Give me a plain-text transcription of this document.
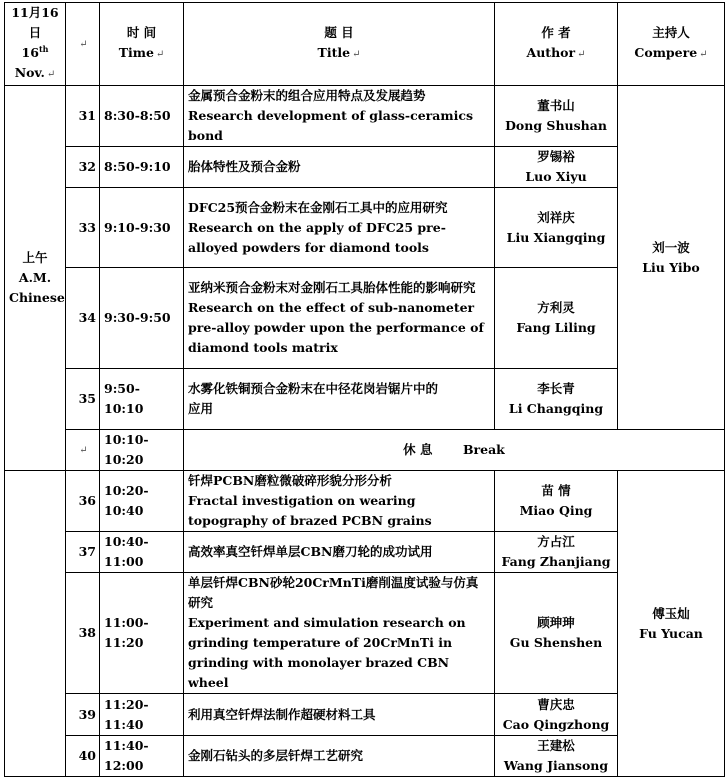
11月16日
16th
Nov. ↵	↵	时 间
Time ↵	题 目
Title ↵	作 者
Author ↵	主持人
Compere ↵

上午
A.M.
Chinese	31	8:30-8:50	金属预合金粉末的组合应用特点及发展趋势
Research development of glass-ceramics bond	董书山
Dong Shushan	刘一波
Liu Yibo

	32	8:50-9:10	胎体特性及预合金粉	罗锡裕
Luo Xiyu	

	33	9:10-9:30	DFC25预合金粉末在金刚石工具中的应用研究
Research on the apply of DFC25 pre-alloyed powders for diamond tools	刘祥庆
Liu Xiangqing	

	34	9:30-9:50	亚纳米预合金粉末对金刚石工具胎体性能的影响研究
Research on the effect of sub-nanometer pre-alloy powder upon the performance of diamond tools matrix	方利灵
Fang Liling	

	35	9:50-10:10	水雾化铁铜预合金粉末在中径花岗岩锯片中的
应用	李长青
Li Changqing	

	↵	10:10-10:20	休 息 Break		
	36	10:20-10:40	钎焊PCBN磨粒微破碎形貌分形分析
Fractal investigation on wearing topography of brazed PCBN grains	苗 情
Miao Qing	傅玉灿
Fu Yucan

	37	10:40-11:00	高效率真空钎焊单层CBN磨刀轮的成功试用	方占江
Fang Zhanjiang	

	38	11:00-11:20	单层钎焊CBN砂轮20CrMnTi磨削温度试验与仿真研究
Experiment and simulation research on grinding temperature of 20CrMnTi in grinding with monolayer brazed CBN wheel	顾珅珅
Gu Shenshen	

	39	11:20-11:40	利用真空钎焊法制作超硬材料工具	曹庆忠
Cao Qingzhong	

	40	11:40-12:00	金刚石钻头的多层钎焊工艺研究	王建松
Wang Jiansong	
